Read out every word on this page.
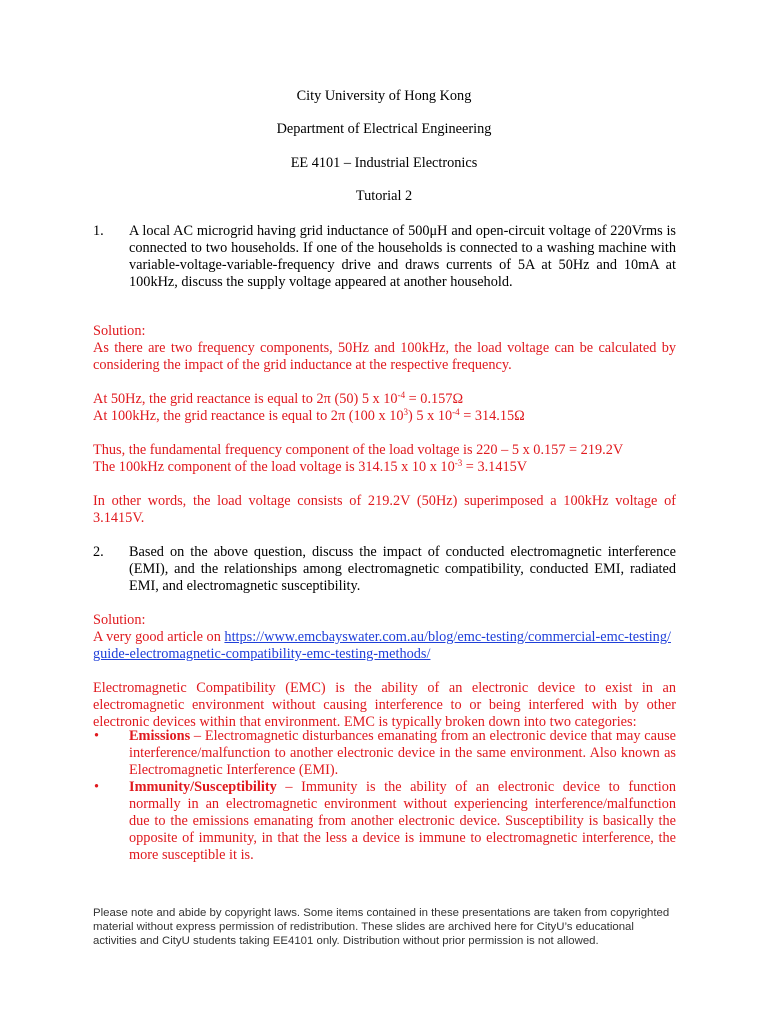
City University of Hong Kong
Department of Electrical Engineering
EE 4101 – Industrial Electronics
Tutorial 2
1. A local AC microgrid having grid inductance of 500μH and open-circuit voltage of 220Vrms is connected to two households. If one of the households is connected to a washing machine with variable-voltage-variable-frequency drive and draws currents of 5A at 50Hz and 10mA at 100kHz, discuss the supply voltage appeared at another household.
Solution:
As there are two frequency components, 50Hz and 100kHz, the load voltage can be calculated by considering the impact of the grid inductance at the respective frequency.
At 50Hz, the grid reactance is equal to 2π (50) 5 x $10^{-4} = 0.157\Omega$
At 100kHz, the grid reactance is equal to 2π (100 x $10^3$) 5 x $10^{-4} = 314.15\Omega$
Thus, the fundamental frequency component of the load voltage is 220 – 5 x 0.157 = 219.2V
The 100kHz component of the load voltage is 314.15 x 10 x $10^{-3} = 3.1415V$
In other words, the load voltage consists of 219.2V (50Hz) superimposed a 100kHz voltage of 3.1415V.
2. Based on the above question, discuss the impact of conducted electromagnetic interference (EMI), and the relationships among electromagnetic compatibility, conducted EMI, radiated EMI, and electromagnetic susceptibility.
Solution:
A very good article on https://www.emcbayswater.com.au/blog/emc-testing/commercial-emc-testing/guide-electromagnetic-compatibility-emc-testing-methods/
Electromagnetic Compatibility (EMC) is the ability of an electronic device to exist in an electromagnetic environment without causing interference to or being interfered with by other electronic devices within that environment. EMC is typically broken down into two categories:
• Emissions – Electromagnetic disturbances emanating from an electronic device that may cause interference/malfunction to another electronic device in the same environment. Also known as Electromagnetic Interference (EMI).
• Immunity/Susceptibility – Immunity is the ability of an electronic device to function normally in an electromagnetic environment without experiencing interference/malfunction due to the emissions emanating from another electronic device. Susceptibility is basically the opposite of immunity, in that the less a device is immune to electromagnetic interference, the more susceptible it is.
Please note and abide by copyright laws. Some items contained in these presentations are taken from copyrighted material without express permission of redistribution. These slides are archived here for CityU’s educational activities and CityU students taking EE4101 only. Distribution without prior permission is not allowed.
